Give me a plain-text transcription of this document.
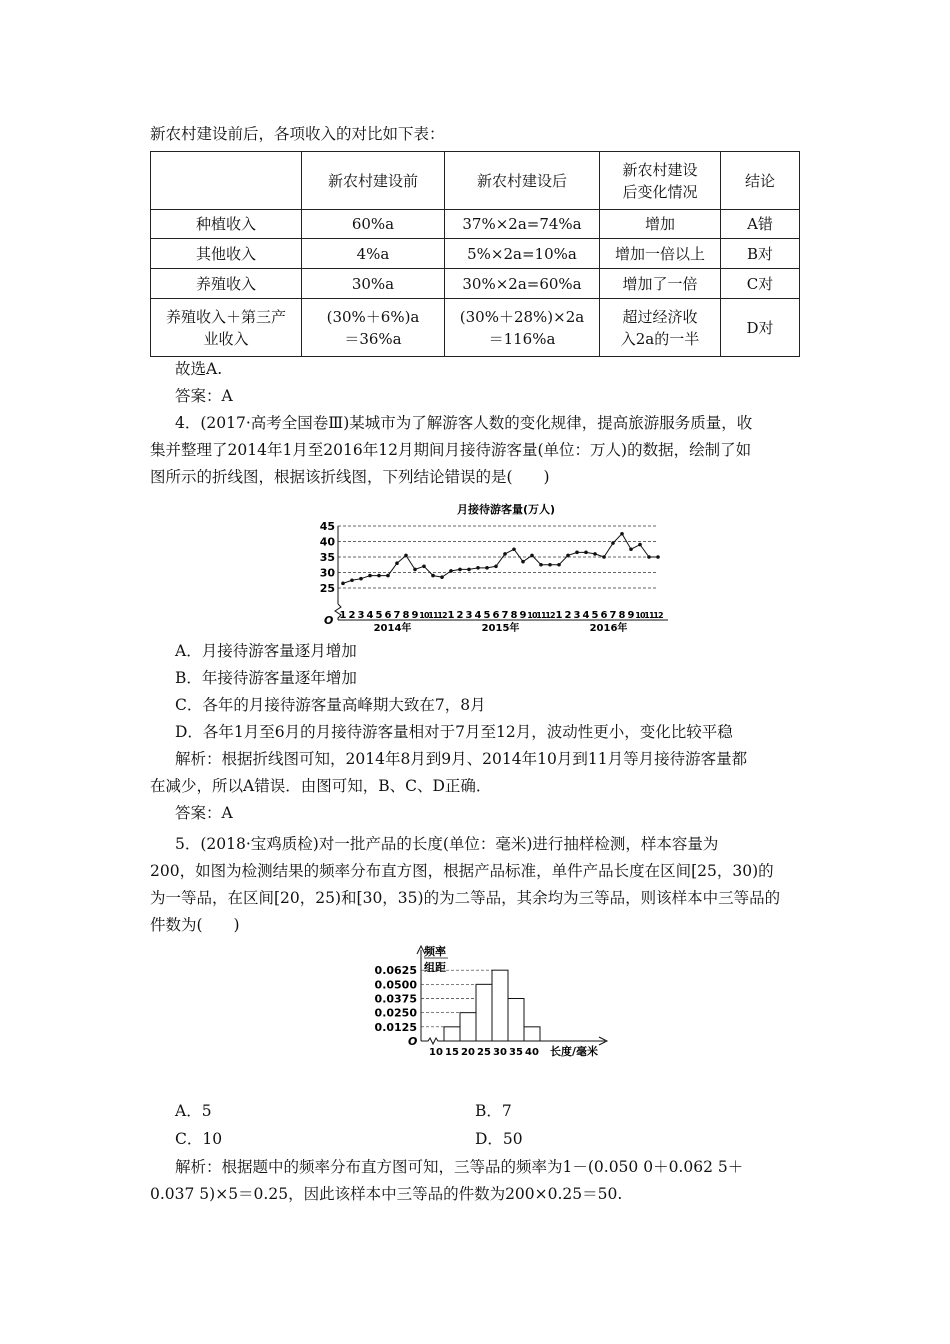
新农村建设前后，各项收入的对比如下表：
	新农村建设前	新农村建设后	新农村建设
后变化情况	结论
种植收入	60%a	37%×2a=74%a	增加	A错
其他收入	4%a	5%×2a=10%a	增加一倍以上	B对
养殖收入	30%a	30%×2a=60%a	增加了一倍	C对
养殖收入＋第三产
业收入	(30%＋6%)a
＝36%a	(30%＋28%)×2a
＝116%a	超过经济收
入2a的一半	D对
故选A.
答案：A
4．(2017·高考全国卷Ⅲ)某城市为了解游客人数的变化规律，提高旅游服务质量，收
集并整理了2014年1月至2016年12月期间月接待游客量(单位：万人)的数据，绘制了如
图所示的折线图，根据该折线图，下列结论错误的是(　　)
月接待游客量(万人)
45
40
35
30
25
O 1 2 3 4 5 6 7 8 9 10 11 12 1 2 3 4 5 6 7 8 9 10 11 12 1 2 3 4 5 6 7 8 9 10 11 12
2014年	2015年	2016年
A．月接待游客量逐月增加
B．年接待游客量逐年增加
C．各年的月接待游客量高峰期大致在7，8月
D．各年1月至6月的月接待游客量相对于7月至12月，波动性更小，变化比较平稳
解析：根据折线图可知，2014年8月到9月、2014年10月到11月等月接待游客量都
在减少，所以A错误．由图可知，B、C、D正确．
答案：A
5．(2018·宝鸡质检)对一批产品的长度(单位：毫米)进行抽样检测，样本容量为
200，如图为检测结果的频率分布直方图，根据产品标准，单件产品长度在区间[25，30)的
为一等品，在区间[20，25)和[30，35)的为二等品，其余均为三等品，则该样本中三等品的
件数为(　　)
频率
组距
O
0.0625
0.0500
0.0375
0.0250
0.0125
10 15 20 25 30 35 40 长度/毫米
A．5	B．7
C．10	D．50
解析：根据题中的频率分布直方图可知，三等品的频率为1－(0.050 0＋0.062 5＋
0.037 5)×5＝0.25，因此该样本中三等品的件数为200×0.25＝50.
